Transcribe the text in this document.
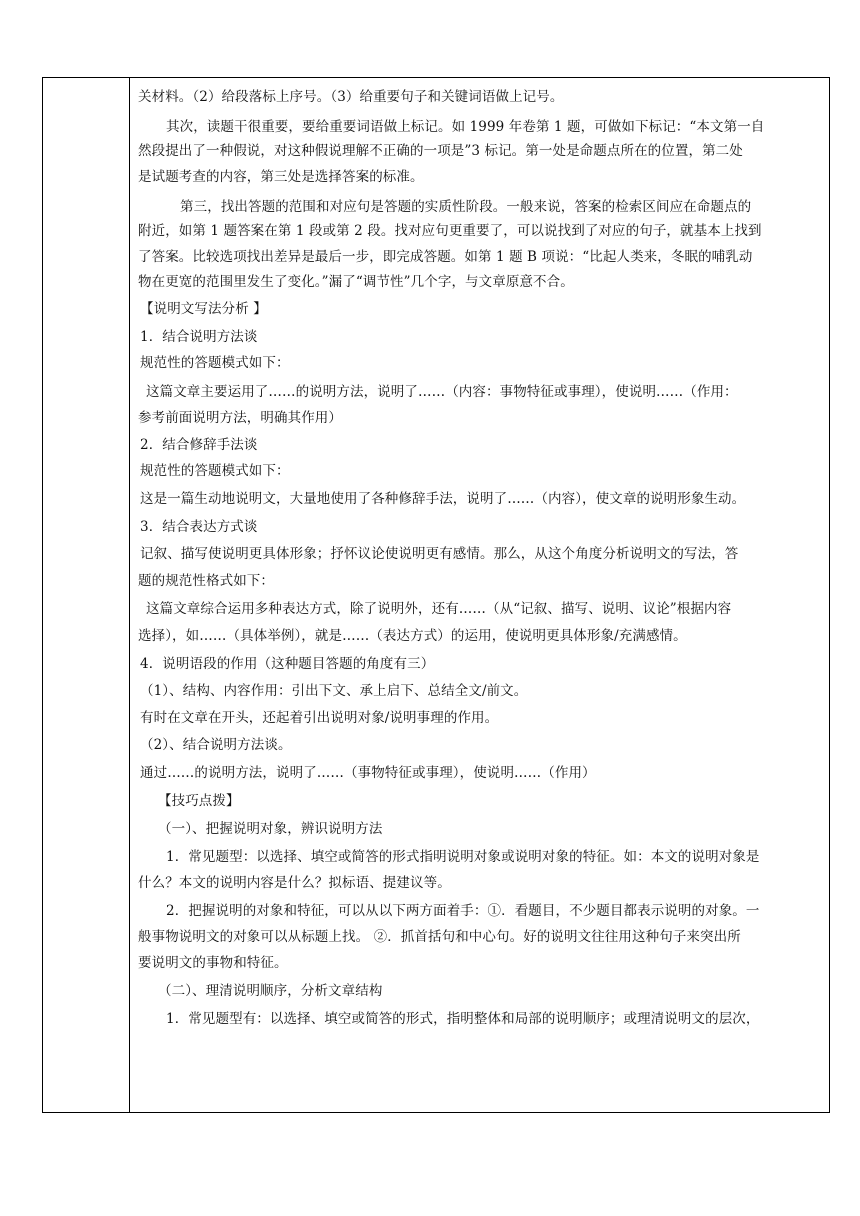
关材料。（2）给段落标上序号。（3）给重要句子和关键词语做上记号。
其次，读题干很重要，要给重要词语做上标记。如 1999 年卷第 1 题，可做如下标记：“本文第一自
然段提出了一种假说，对这种假说理解不正确的一项是”3 标记。第一处是命题点所在的位置，第二处
是试题考查的内容，第三处是选择答案的标准。
第三，找出答题的范围和对应句是答题的实质性阶段。一般来说，答案的检索区间应在命题点的
附近，如第 1 题答案在第 1 段或第 2 段。找对应句更重要了，可以说找到了对应的句子，就基本上找到
了答案。比较选项找出差异是最后一步，即完成答题。如第 1 题 B 项说：“比起人类来，冬眠的哺乳动
物在更宽的范围里发生了变化。”漏了“调节性”几个字，与文章原意不合。
【说明文写法分析 】
1．结合说明方法谈
规范性的答题模式如下：
这篇文章主要运用了……的说明方法，说明了……（内容：事物特征或事理），使说明……（作用：
参考前面说明方法，明确其作用）
2．结合修辞手法谈
规范性的答题模式如下：
这是一篇生动地说明文，大量地使用了各种修辞手法，说明了……（内容），使文章的说明形象生动。
3．结合表达方式谈
记叙、描写使说明更具体形象；抒怀议论使说明更有感情。那么，从这个角度分析说明文的写法，答
题的规范性格式如下：
这篇文章综合运用多种表达方式，除了说明外，还有……（从“记叙、描写、说明、议论”根据内容
选择），如……（具体举例），就是……（表达方式）的运用，使说明更具体形象/充满感情。
4．说明语段的作用（这种题目答题的角度有三）
（1）、结构、内容作用：引出下文、承上启下、总结全文/前文。
有时在文章在开头，还起着引出说明对象/说明事理的作用。
（2）、结合说明方法谈。
通过……的说明方法，说明了……（事物特征或事理），使说明……（作用）
【技巧点拨】
（一）、把握说明对象，辨识说明方法
1．常见题型：以选择、填空或简答的形式指明说明对象或说明对象的特征。如：本文的说明对象是
什么？本文的说明内容是什么？拟标语、提建议等。
2．把握说明的对象和特征，可以从以下两方面着手：①．看题目，不少题目都表示说明的对象。一
般事物说明文的对象可以从标题上找。 ②．抓首括句和中心句。好的说明文往往用这种句子来突出所
要说明文的事物和特征。
（二）、理清说明顺序，分析文章结构
1．常见题型有：以选择、填空或简答的形式，指明整体和局部的说明顺序；或理清说明文的层次，
